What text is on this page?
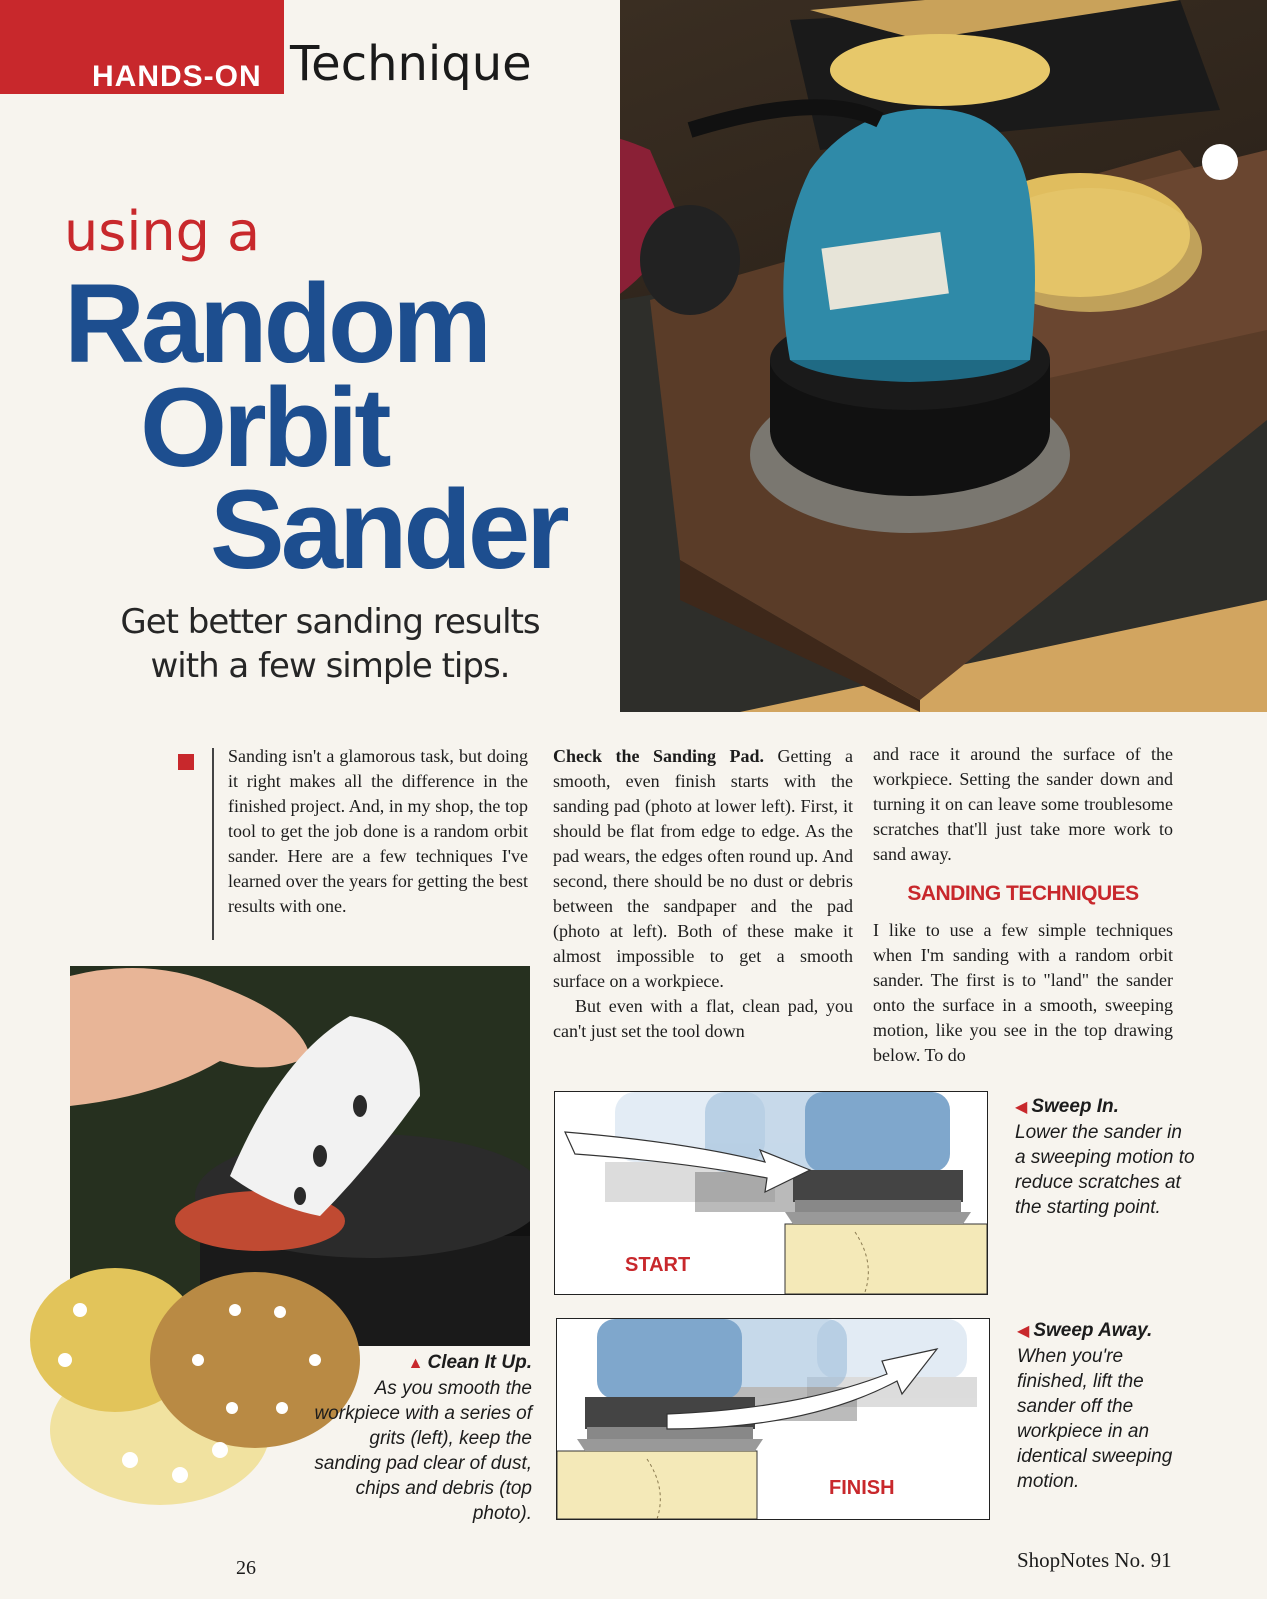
HANDS-ON Technique
using a
Random
Orbit
Sander
Get better sanding results
with a few simple tips.

Sanding isn't a glamorous task, but doing it right makes all the difference in the finished project. And, in my shop, the top tool to get the job done is a random orbit sander. Here are a few techniques I've learned over the years for getting the best results with one.

Check the Sanding Pad. Getting a smooth, even finish starts with the sanding pad (photo at lower left). First, it should be flat from edge to edge. As the pad wears, the edges often round up. And second, there should be no dust or debris between the sandpaper and the pad (photo at left). Both of these make it almost impossible to get a smooth surface on a workpiece.

But even with a flat, clean pad, you can't just set the tool down

and race it around the surface of the workpiece. Setting the sander down and turning it on can leave some troublesome scratches that'll just take more work to sand away.

SANDING TECHNIQUES

I like to use a few simple techniques when I'm sanding with a random orbit sander. The first is to "land" the sander onto the surface in a smooth, sweeping motion, like you see in the top drawing below. To do

▲ Clean It Up.
As you smooth the workpiece with a series of grits (left), keep the sanding pad clear of dust, chips and debris (top photo).
◀ Sweep In.
Lower the sander in a sweeping motion to reduce scratches at the starting point.
◀ Sweep Away.
When you're finished, lift the sander off the workpiece in an identical sweeping motion.
START
FINISH
26	ShopNotes No. 91
